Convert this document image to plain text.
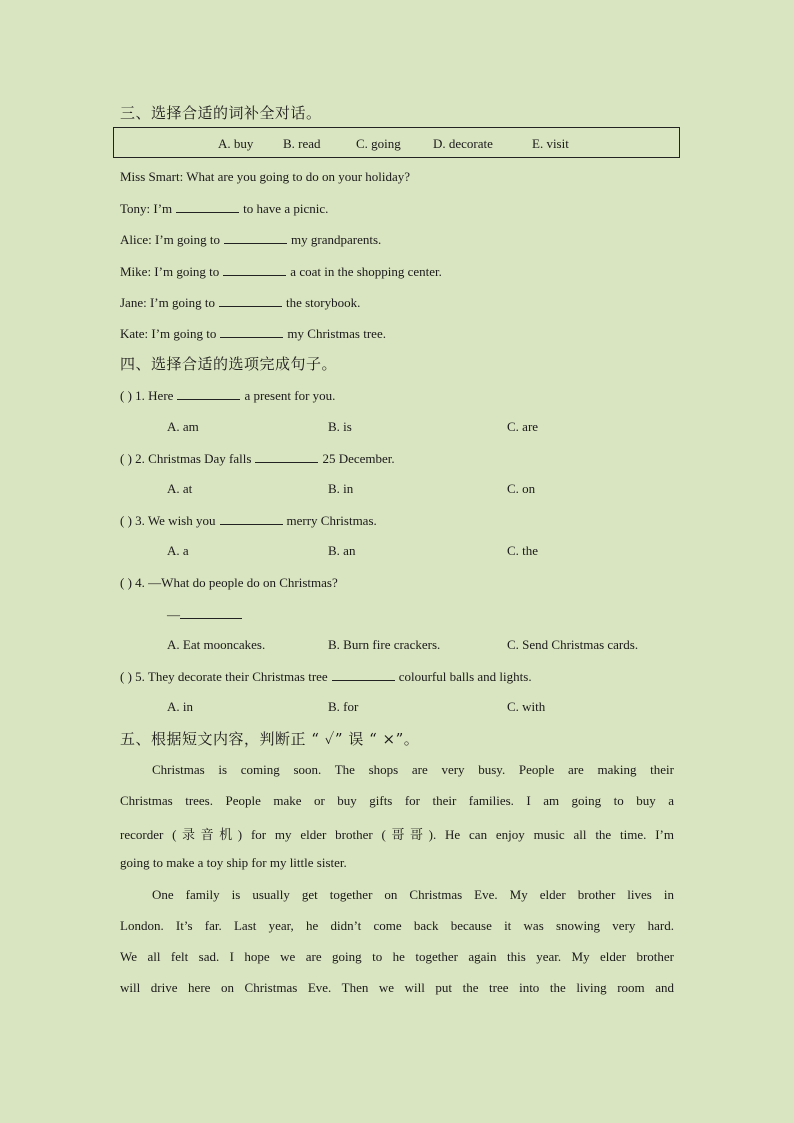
三、选择合适的词补全对话。
A. buy B. read	C. going D. decorate	E. visit
Miss Smart: What are you going to do on your holiday?
Tony: I’m	to have a picnic.
Alice: I’m going to	my grandparents.
Mike: I’m going to	a coat in the shopping center.
Jane: I’m going to	the storybook.
Kate: I’m going to	my Christmas tree.
四、选择合适的选项完成句子。
( ) 1. Here	a present for you.
A. am	B. is	C. are
( ) 2. Christmas Day falls	25 December.
A. at	B. in	C. on
( ) 3. We wish you	merry Christmas.
A. a	B. an	C. the
( ) 4. —What do people do on Christmas?
—
A. Eat mooncakes.	B. Burn fire crackers.	C. Send Christmas cards.
( ) 5. They decorate their Christmas tree	colourful balls and lights.
A. in	B. for	C. with
五、根据短文内容，判断正 “ ✓” 误 “ ×”。
Christmas is coming soon. The shops are very busy. People are making their
Christmas trees. People make or buy gifts for their families. I am going to buy a
recorder (录音机) for my elder brother (哥哥). He can enjoy music all the time. I’m
going to make a toy ship for my little sister.
One family is usually get together on Christmas Eve. My elder brother lives in
London. It’s far. Last year, he didn’t come back because it was snowing very hard.
We all felt sad. I hope we are going to he together again this year. My elder brother
will drive here on Christmas Eve. Then we will put the tree into the living room and
